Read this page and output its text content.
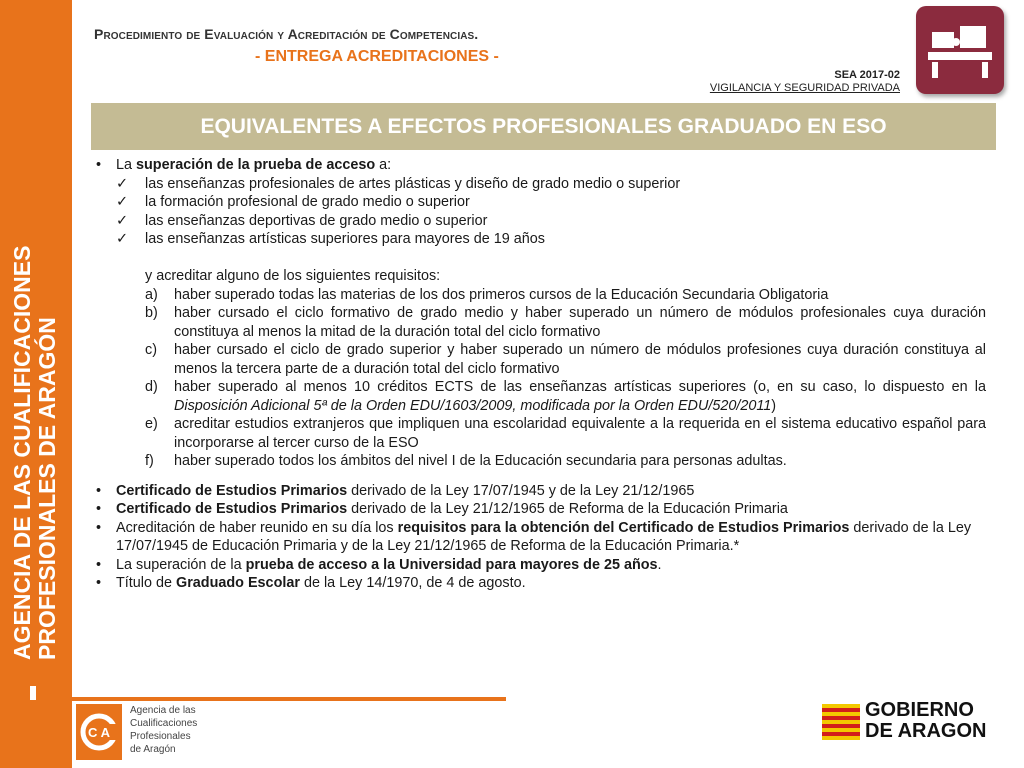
AGENCIA DE LAS CUALIFICACIONES PROFESIONALES DE ARAGÓN
Procedimiento de Evaluación y Acreditación de Competencias.
- ENTREGA ACREDITACIONES -
SEA 2017-02
VIGILANCIA Y SEGURIDAD PRIVADA
EQUIVALENTES A EFECTOS PROFESIONALES GRADUADO EN ESO
•	La superación de la prueba de acceso a:
✓	las enseñanzas profesionales de artes plásticas y diseño de grado medio o superior
✓	la formación profesional de grado medio o superior
✓	las enseñanzas deportivas de grado medio o superior
✓	las enseñanzas artísticas superiores para mayores de 19 años
y acreditar alguno de los siguientes requisitos:
a)	haber superado todas las materias de los dos primeros cursos de la Educación Secundaria Obligatoria
b)	haber cursado el ciclo formativo de grado medio y haber superado un número de módulos profesionales cuya duración constituya al menos la mitad de la duración total del ciclo formativo
c)	haber cursado el ciclo de grado superior y haber superado un número de módulos profesiones cuya duración constituya al menos la tercera parte de a duración total del ciclo formativo
d)	haber superado al menos 10 créditos ECTS de las enseñanzas artísticas superiores (o, en su caso, lo dispuesto en la Disposición Adicional 5ª de la Orden EDU/1603/2009, modificada por la Orden EDU/520/2011)
e)	acreditar estudios extranjeros que impliquen una escolaridad equivalente a la requerida en el sistema educativo español para incorporarse al tercer curso de la ESO
f)	haber superado todos los ámbitos del nivel I de la Educación secundaria para personas adultas.
•	Certificado de Estudios Primarios derivado de la Ley 17/07/1945 y de la Ley 21/12/1965
•	Certificado de Estudios Primarios derivado de la Ley 21/12/1965 de Reforma de la Educación Primaria
•	Acreditación de haber reunido en su día los requisitos para la obtención del Certificado de Estudios Primarios derivado de la Ley 17/07/1945 de Educación Primaria y de la Ley 21/12/1965 de Reforma de la Educación Primaria.*
•	La superación de la prueba de acceso a la Universidad para mayores de 25 años.
•	Título de Graduado Escolar de la Ley 14/1970, de 4 de agosto.
C A
Agencia de las
Cualificaciones
Profesionales
de Aragón
GOBIERNO
DE ARAGON
